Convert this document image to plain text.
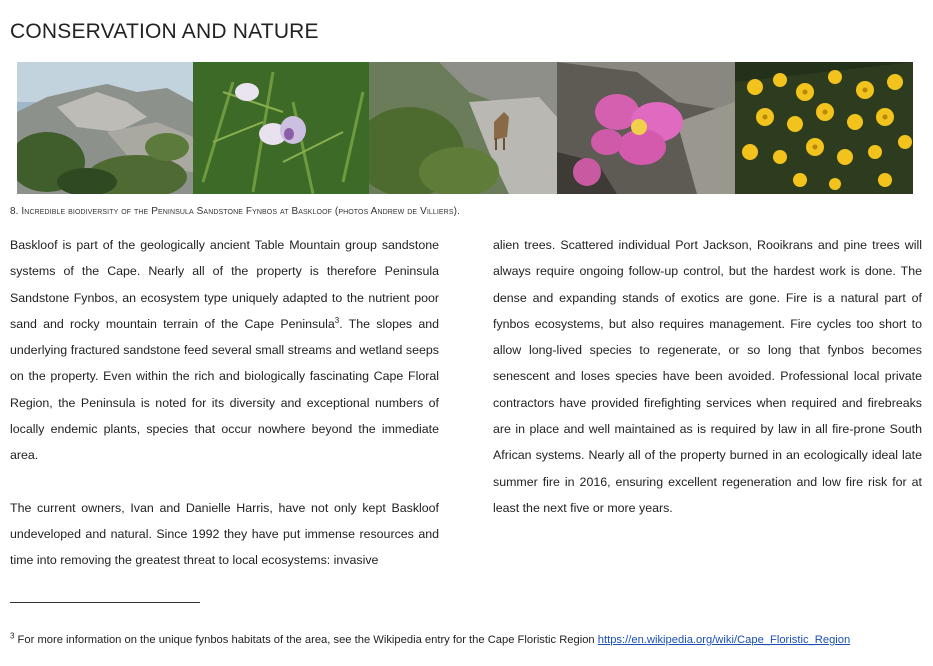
CONSERVATION AND NATURE
8. Incredible biodiversity of the Peninsula Sandstone Fynbos at Baskloof (photos Andrew de Villiers).

Baskloof is part of the geologically ancient Table Mountain group sandstone systems of the Cape. Nearly all of the property is therefore Peninsula Sandstone Fynbos, an ecosystem type uniquely adapted to the nutrient poor sand and rocky mountain terrain of the Cape Peninsula$^3$. The slopes and underlying fractured sandstone feed several small streams and wetland seeps on the property. Even within the rich and biologically fascinating Cape Floral Region, the Peninsula is noted for its diversity and exceptional numbers of locally endemic plants, species that occur nowhere beyond the immediate area.

The current owners, Ivan and Danielle Harris, have not only kept Baskloof undeveloped and natural. Since 1992 they have put immense resources and time into removing the greatest threat to local ecosystems: invasive

alien trees. Scattered individual Port Jackson, Rooikrans and pine trees will always require ongoing follow-up control, but the hardest work is done. The dense and expanding stands of exotics are gone. Fire is a natural part of fynbos ecosystems, but also requires management. Fire cycles too short to allow long-lived species to regenerate, or so long that fynbos becomes senescent and loses species have been avoided. Professional local private contractors have provided firefighting services when required and firebreaks are in place and well maintained as is required by law in all fire-prone South African systems. Nearly all of the property burned in an ecologically ideal late summer fire in 2016, ensuring excellent regeneration and low fire risk for at least the next five or more years.

$^3$ For more information on the unique fynbos habitats of the area, see the Wikipedia entry for the Cape Floristic Region https://en.wikipedia.org/wiki/Cape_Floristic_Region
